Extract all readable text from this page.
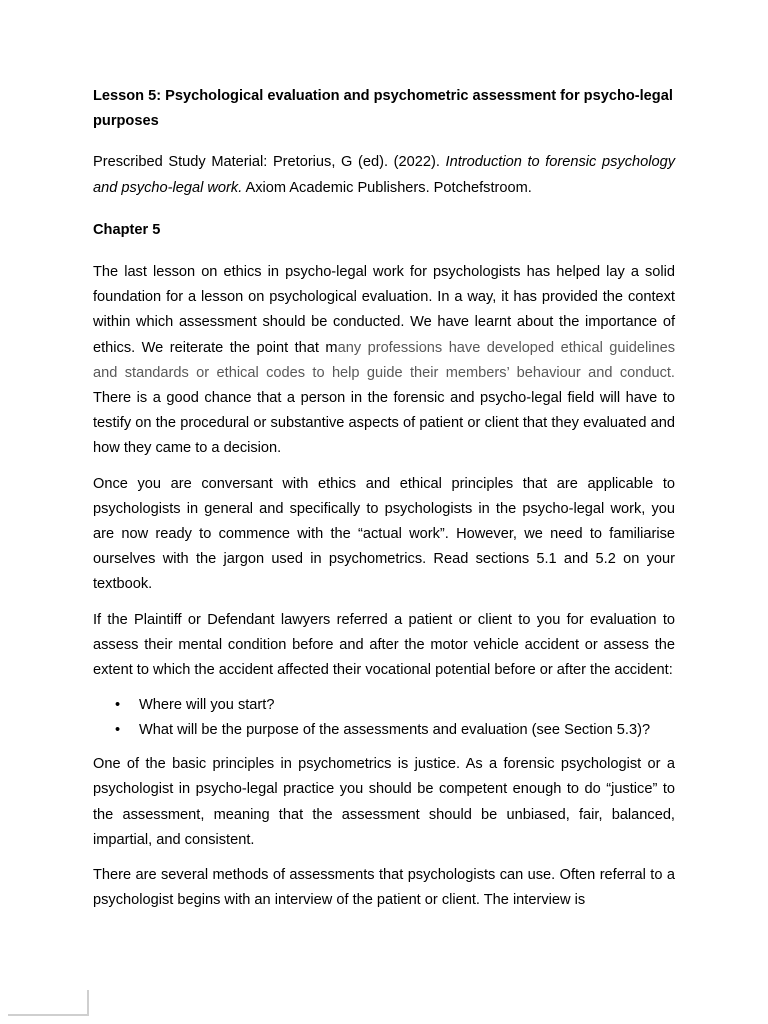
Lesson 5: Psychological evaluation and psychometric assessment for psycho-legal purposes

Prescribed Study Material: Pretorius, G (ed). (2022). Introduction to forensic psychology and psycho-legal work. Axiom Academic Publishers. Potchefstroom.

Chapter 5

The last lesson on ethics in psycho-legal work for psychologists has helped lay a solid foundation for a lesson on psychological evaluation. In a way, it has provided the context within which assessment should be conducted. We have learnt about the importance of ethics. We reiterate the point that many professions have developed ethical guidelines and standards or ethical codes to help guide their members’ behaviour and conduct. There is a good chance that a person in the forensic and psycho-legal field will have to testify on the procedural or substantive aspects of patient or client that they evaluated and how they came to a decision.

Once you are conversant with ethics and ethical principles that are applicable to psychologists in general and specifically to psychologists in the psycho-legal work, you are now ready to commence with the “actual work”. However, we need to familiarise ourselves with the jargon used in psychometrics. Read sections 5.1 and 5.2 on your textbook.

If the Plaintiff or Defendant lawyers referred a patient or client to you for evaluation to assess their mental condition before and after the motor vehicle accident or assess the extent to which the accident affected their vocational potential before or after the accident:

• Where will you start?
• What will be the purpose of the assessments and evaluation (see Section 5.3)?

One of the basic principles in psychometrics is justice. As a forensic psychologist or a psychologist in psycho-legal practice you should be competent enough to do “justice” to the assessment, meaning that the assessment should be unbiased, fair, balanced, impartial, and consistent.

There are several methods of assessments that psychologists can use. Often referral to a psychologist begins with an interview of the patient or client. The interview is
